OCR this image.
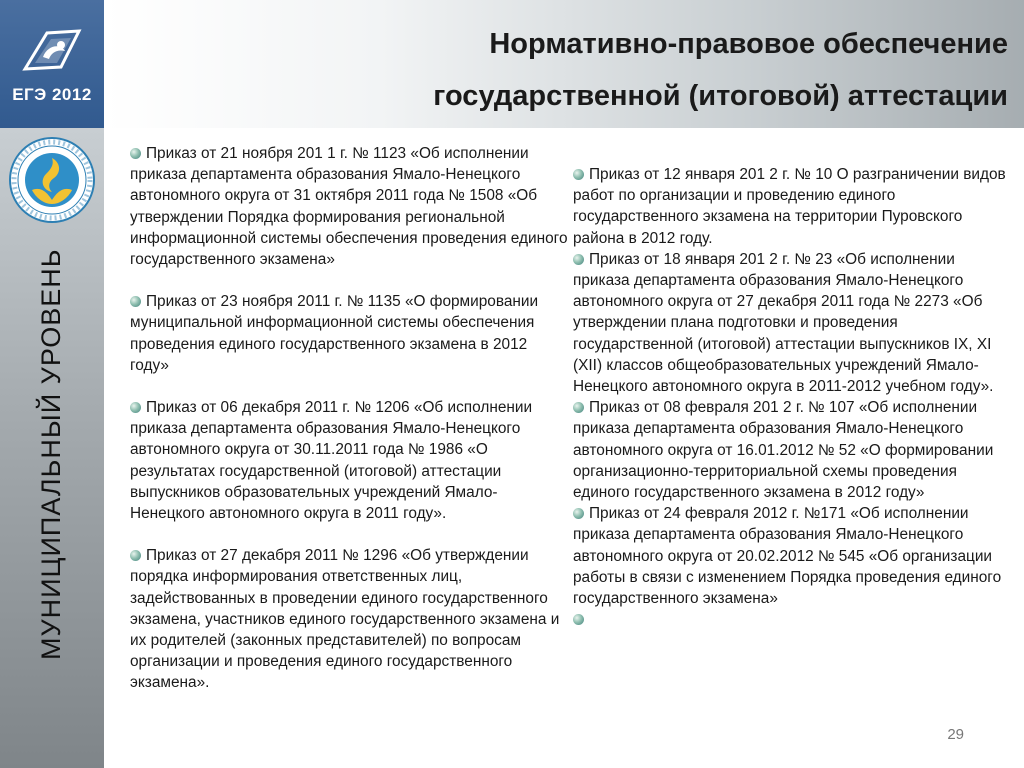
ЕГЭ 2012
Нормативно-правовое обеспечение
государственной (итоговой) аттестации
МУНИЦИПАЛЬНЫЙ УРОВЕНЬ

Приказ от 21 ноября 201 1 г. № 1123 «Об исполнении приказа департамента образования Ямало-Ненецкого автономного округа от 31 октября 2011 года № 1508 «Об утверждении Порядка формирования региональной информационной системы обеспечения проведения единого государственного экзамена»

Приказ от 23 ноября 2011 г. № 1135 «О формировании муниципальной информационной системы обеспечения проведения единого государственного экзамена в 2012 году»

Приказ от 06 декабря 2011 г. № 1206 «Об исполнении приказа департамента образования Ямало-Ненецкого автономного округа от 30.11.2011 года № 1986 «О результатах государственной (итоговой) аттестации выпускников образовательных учреждений Ямало-Ненецкого автономного округа в 2011 году».

Приказ от 27 декабря 2011 № 1296 «Об утверждении порядка информирования ответственных лиц, задействованных в проведении единого государственного экзамена, участников единого государственного экзамена и их родителей (законных представителей) по вопросам организации и проведения единого государственного экзамена».

Приказ от 12 января 201 2 г. № 10 О разграничении видов работ по организации и проведению единого государственного экзамена на территории Пуровского района в 2012 году.

Приказ от 18 января 201 2 г. № 23 «Об исполнении приказа департамента образования Ямало-Ненецкого автономного округа от 27 декабря 2011 года № 2273 «Об утверждении плана подготовки и проведения государственной (итоговой) аттестации выпускников IX, XI (XII) классов общеобразовательных учреждений Ямало-Ненецкого автономного округа в 2011-2012 учебном году».

Приказ от 08 февраля 201 2 г. № 107 «Об исполнении приказа департамента образования Ямало-Ненецкого автономного округа от 16.01.2012 № 52 «О формировании организационно-территориальной схемы проведения единого государственного экзамена в 2012 году»

Приказ от 24 февраля 2012 г. №171 «Об исполнении приказа департамента образования Ямало-Ненецкого автономного округа от 20.02.2012 № 545 «Об организации работы в связи с изменением Порядка проведения единого государственного экзамена»

29
